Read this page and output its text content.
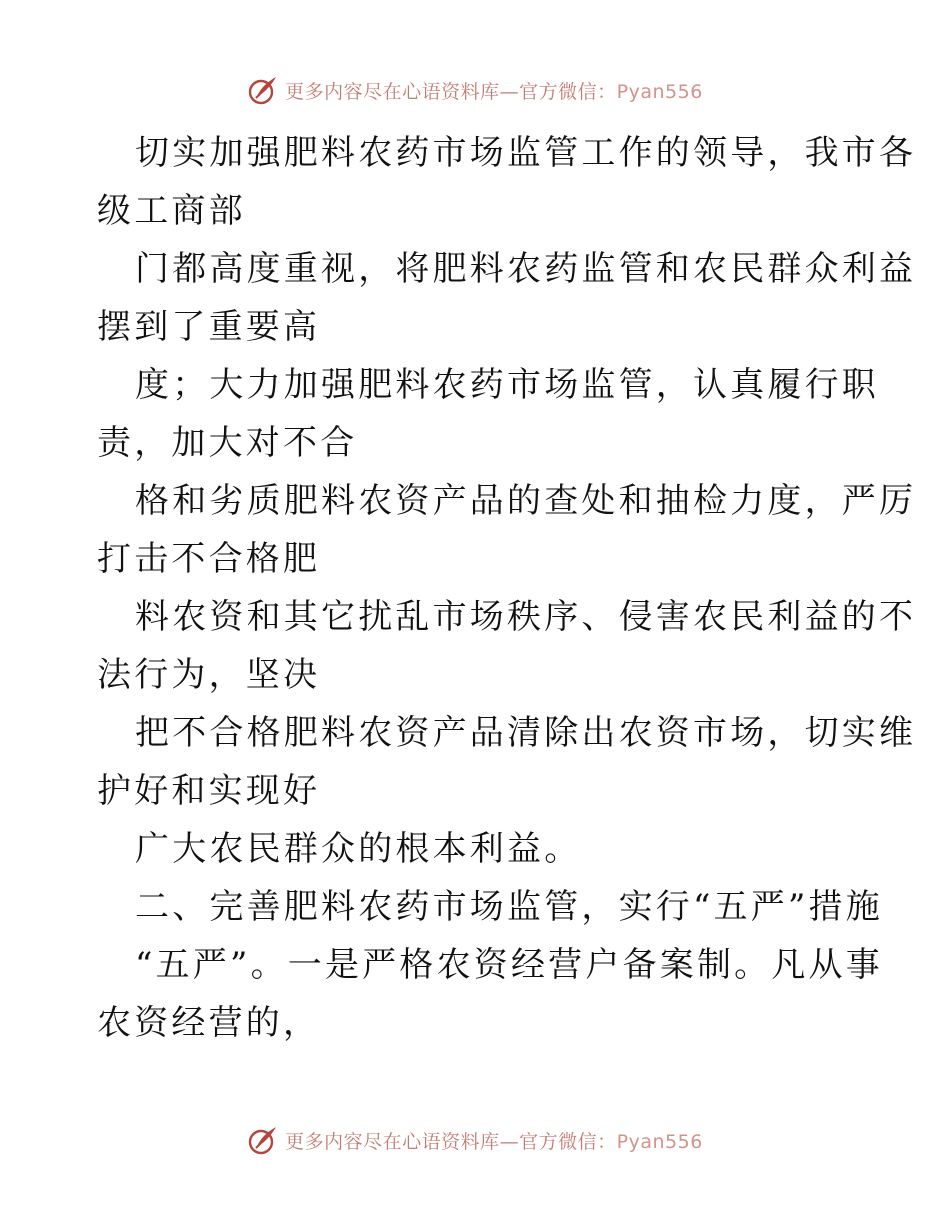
更多内容尽在心语资料库—官方微信：Pyan556
切实加强肥料农药市场监管工作的领导，我市各
级工商部
门都高度重视，将肥料农药监管和农民群众利益
摆到了重要高
度；大力加强肥料农药市场监管，认真履行职
责，加大对不合
格和劣质肥料农资产品的查处和抽检力度，严厉
打击不合格肥
料农资和其它扰乱市场秩序、侵害农民利益的不
法行为，坚决
把不合格肥料农资产品清除出农资市场，切实维
护好和实现好
广大农民群众的根本利益。
二、完善肥料农药市场监管，实行“五严”措施
“五严”。一是严格农资经营户备案制。凡从事
农资经营的，
更多内容尽在心语资料库—官方微信：Pyan556
